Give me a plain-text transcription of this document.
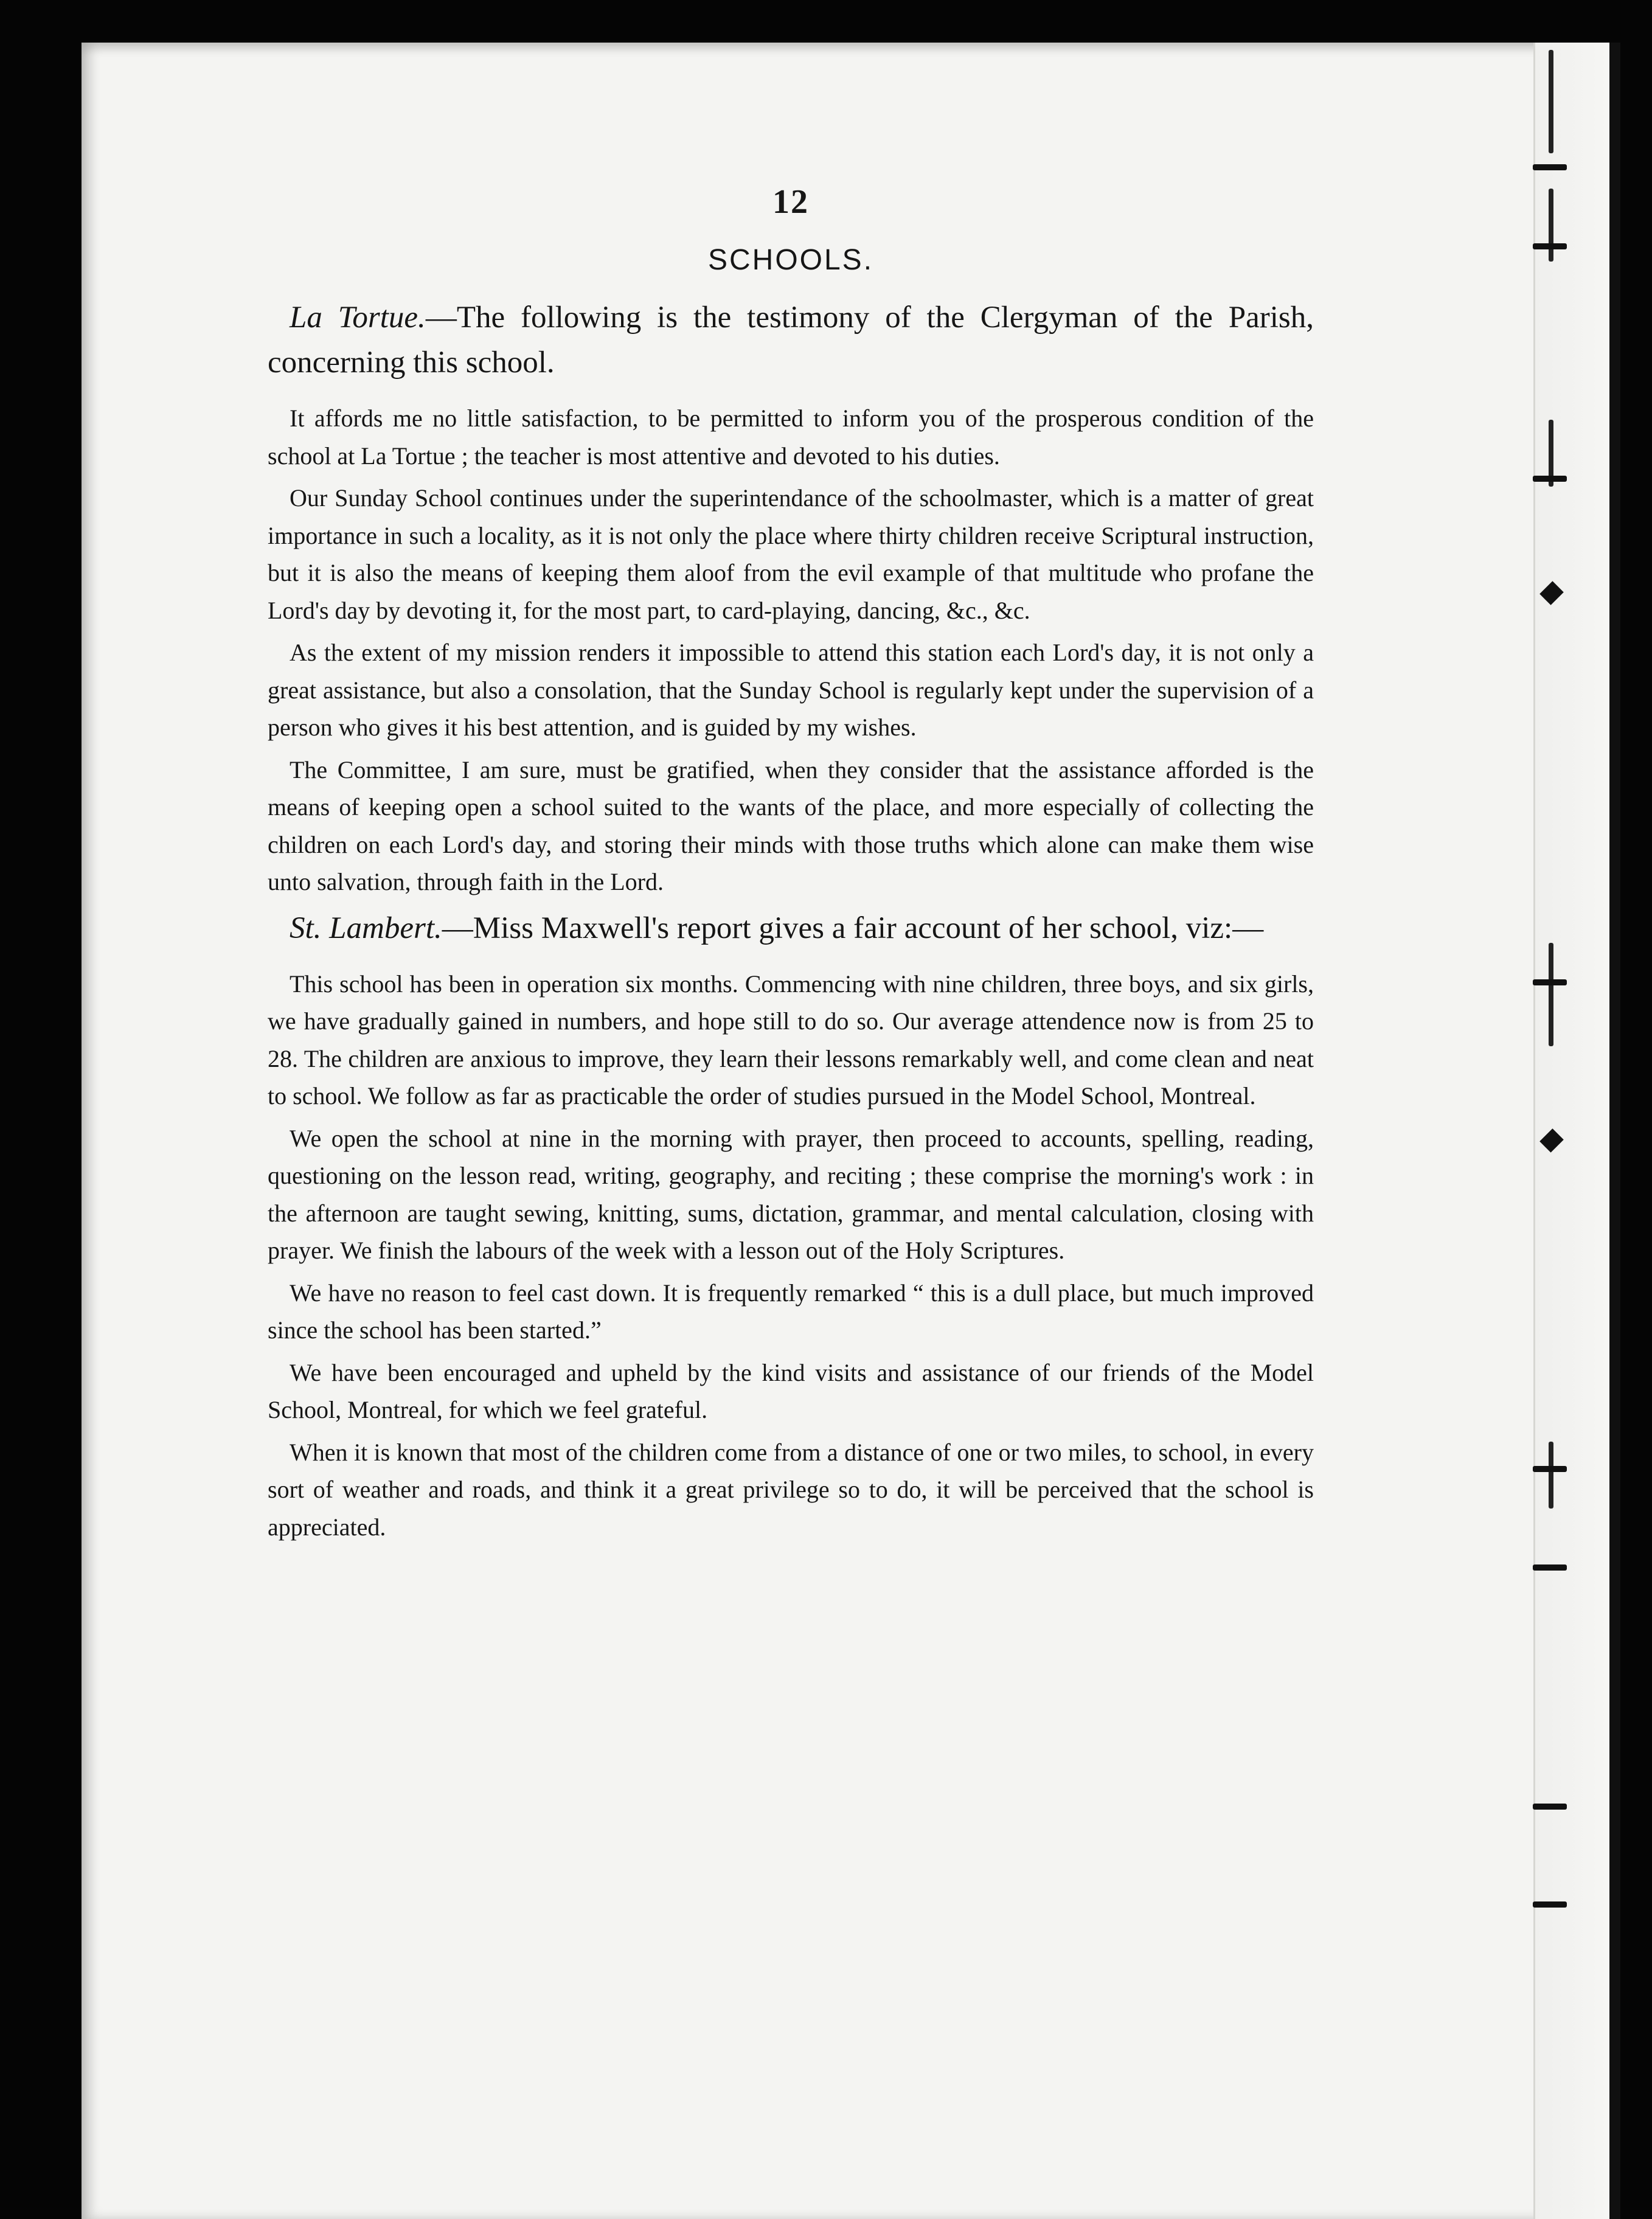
12
SCHOOLS.

La Tortue.—The following is the testimony of the Clergyman of the Parish, concerning this school.

It affords me no little satisfaction, to be permitted to inform you of the prosperous condition of the school at La Tortue ; the teacher is most attentive and devoted to his duties.

Our Sunday School continues under the superintendance of the schoolmaster, which is a matter of great importance in such a locality, as it is not only the place where thirty children receive Scriptural instruction, but it is also the means of keeping them aloof from the evil example of that multitude who profane the Lord's day by devoting it, for the most part, to card-playing, dancing, &c., &c.

As the extent of my mission renders it impossible to attend this station each Lord's day, it is not only a great assistance, but also a consolation, that the Sunday School is regularly kept under the supervision of a person who gives it his best attention, and is guided by my wishes.

The Committee, I am sure, must be gratified, when they consider that the assistance afforded is the means of keeping open a school suited to the wants of the place, and more especially of collecting the children on each Lord's day, and storing their minds with those truths which alone can make them wise unto salvation, through faith in the Lord.

St. Lambert.—Miss Maxwell's report gives a fair account of her school, viz:—

This school has been in operation six months. Commencing with nine children, three boys, and six girls, we have gradually gained in numbers, and hope still to do so. Our average attendence now is from 25 to 28. The children are anxious to improve, they learn their lessons remarkably well, and come clean and neat to school. We follow as far as practicable the order of studies pursued in the Model School, Montreal.

We open the school at nine in the morning with prayer, then proceed to accounts, spelling, reading, questioning on the lesson read, writing, geography, and reciting ; these comprise the morning's work : in the afternoon are taught sewing, knitting, sums, dictation, grammar, and mental calculation, closing with prayer. We finish the labours of the week with a lesson out of the Holy Scriptures.

We have no reason to feel cast down. It is frequently remarked “ this is a dull place, but much improved since the school has been started.”

We have been encouraged and upheld by the kind visits and assistance of our friends of the Model School, Montreal, for which we feel grateful.

When it is known that most of the children come from a distance of one or two miles, to school, in every sort of weather and roads, and think it a great privilege so to do, it will be perceived that the school is appreciated.
